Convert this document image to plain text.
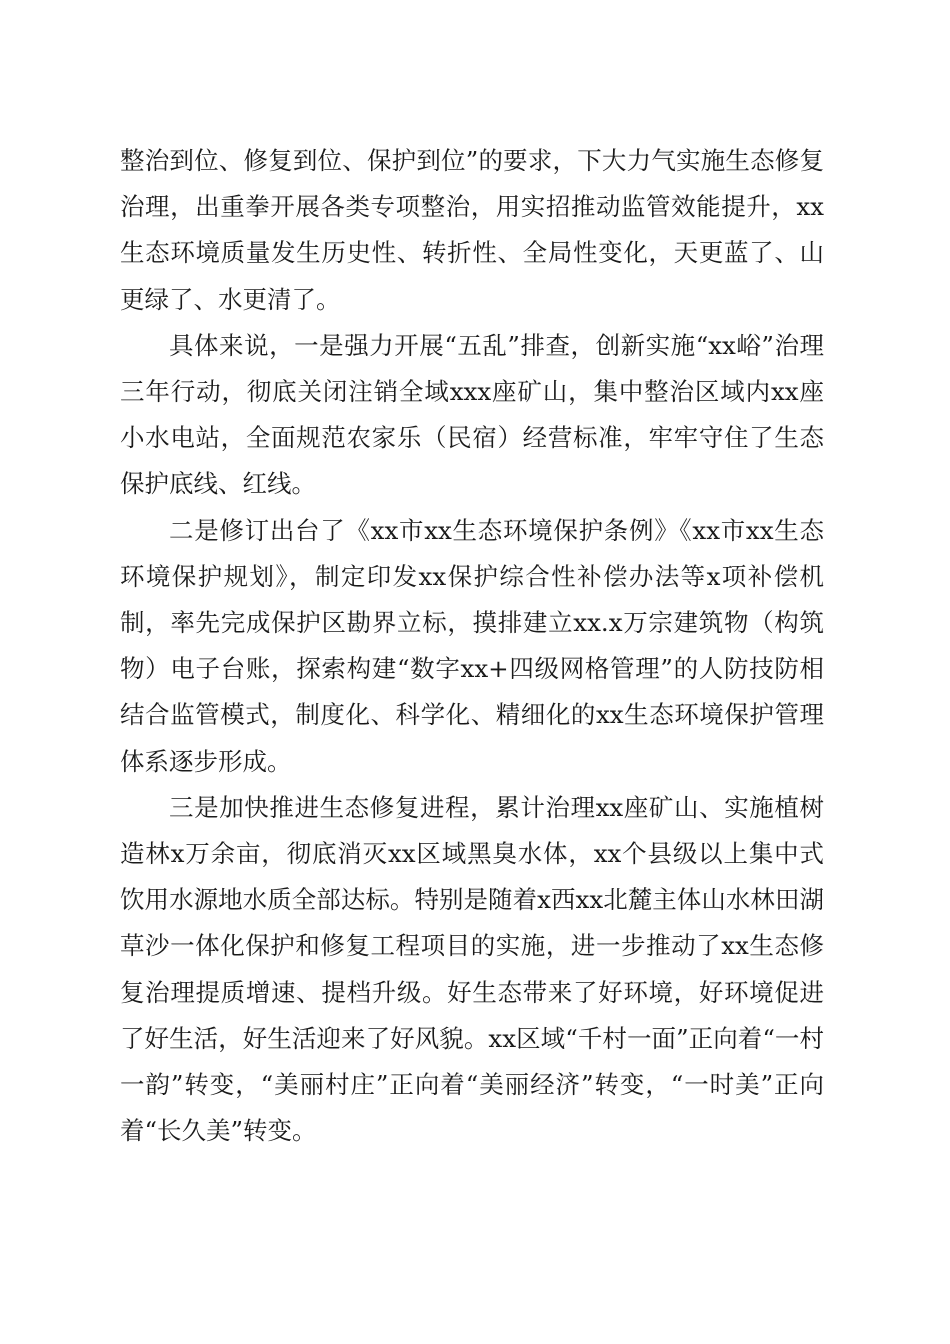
整治到位、修复到位、保护到位”的要求，下大力气实施生态修复治理，出重拳开展各类专项整治，用实招推动监管效能提升，xx生态环境质量发生历史性、转折性、全局性变化，天更蓝了、山更绿了、水更清了。

具体来说，一是强力开展“五乱”排查，创新实施“xx峪”治理三年行动，彻底关闭注销全域xxx座矿山，集中整治区域内xx座小水电站，全面规范农家乐（民宿）经营标准，牢牢守住了生态保护底线、红线。

二是修订出台了《xx市xx生态环境保护条例》《xx市xx生态环境保护规划》，制定印发xx保护综合性补偿办法等x项补偿机制，率先完成保护区勘界立标，摸排建立xx.x万宗建筑物（构筑物）电子台账，探索构建“数字xx+四级网格管理”的人防技防相结合监管模式，制度化、科学化、精细化的xx生态环境保护管理体系逐步形成。

三是加快推进生态修复进程，累计治理xx座矿山、实施植树造林x万余亩，彻底消灭xx区域黑臭水体，xx个县级以上集中式饮用水源地水质全部达标。特别是随着x西xx北麓主体山水林田湖草沙一体化保护和修复工程项目的实施，进一步推动了xx生态修复治理提质增速、提档升级。好生态带来了好环境，好环境促进了好生活，好生活迎来了好风貌。xx区域“千村一面”正向着“一村一韵”转变，“美丽村庄”正向着“美丽经济”转变，“一时美”正向着“长久美”转变。
